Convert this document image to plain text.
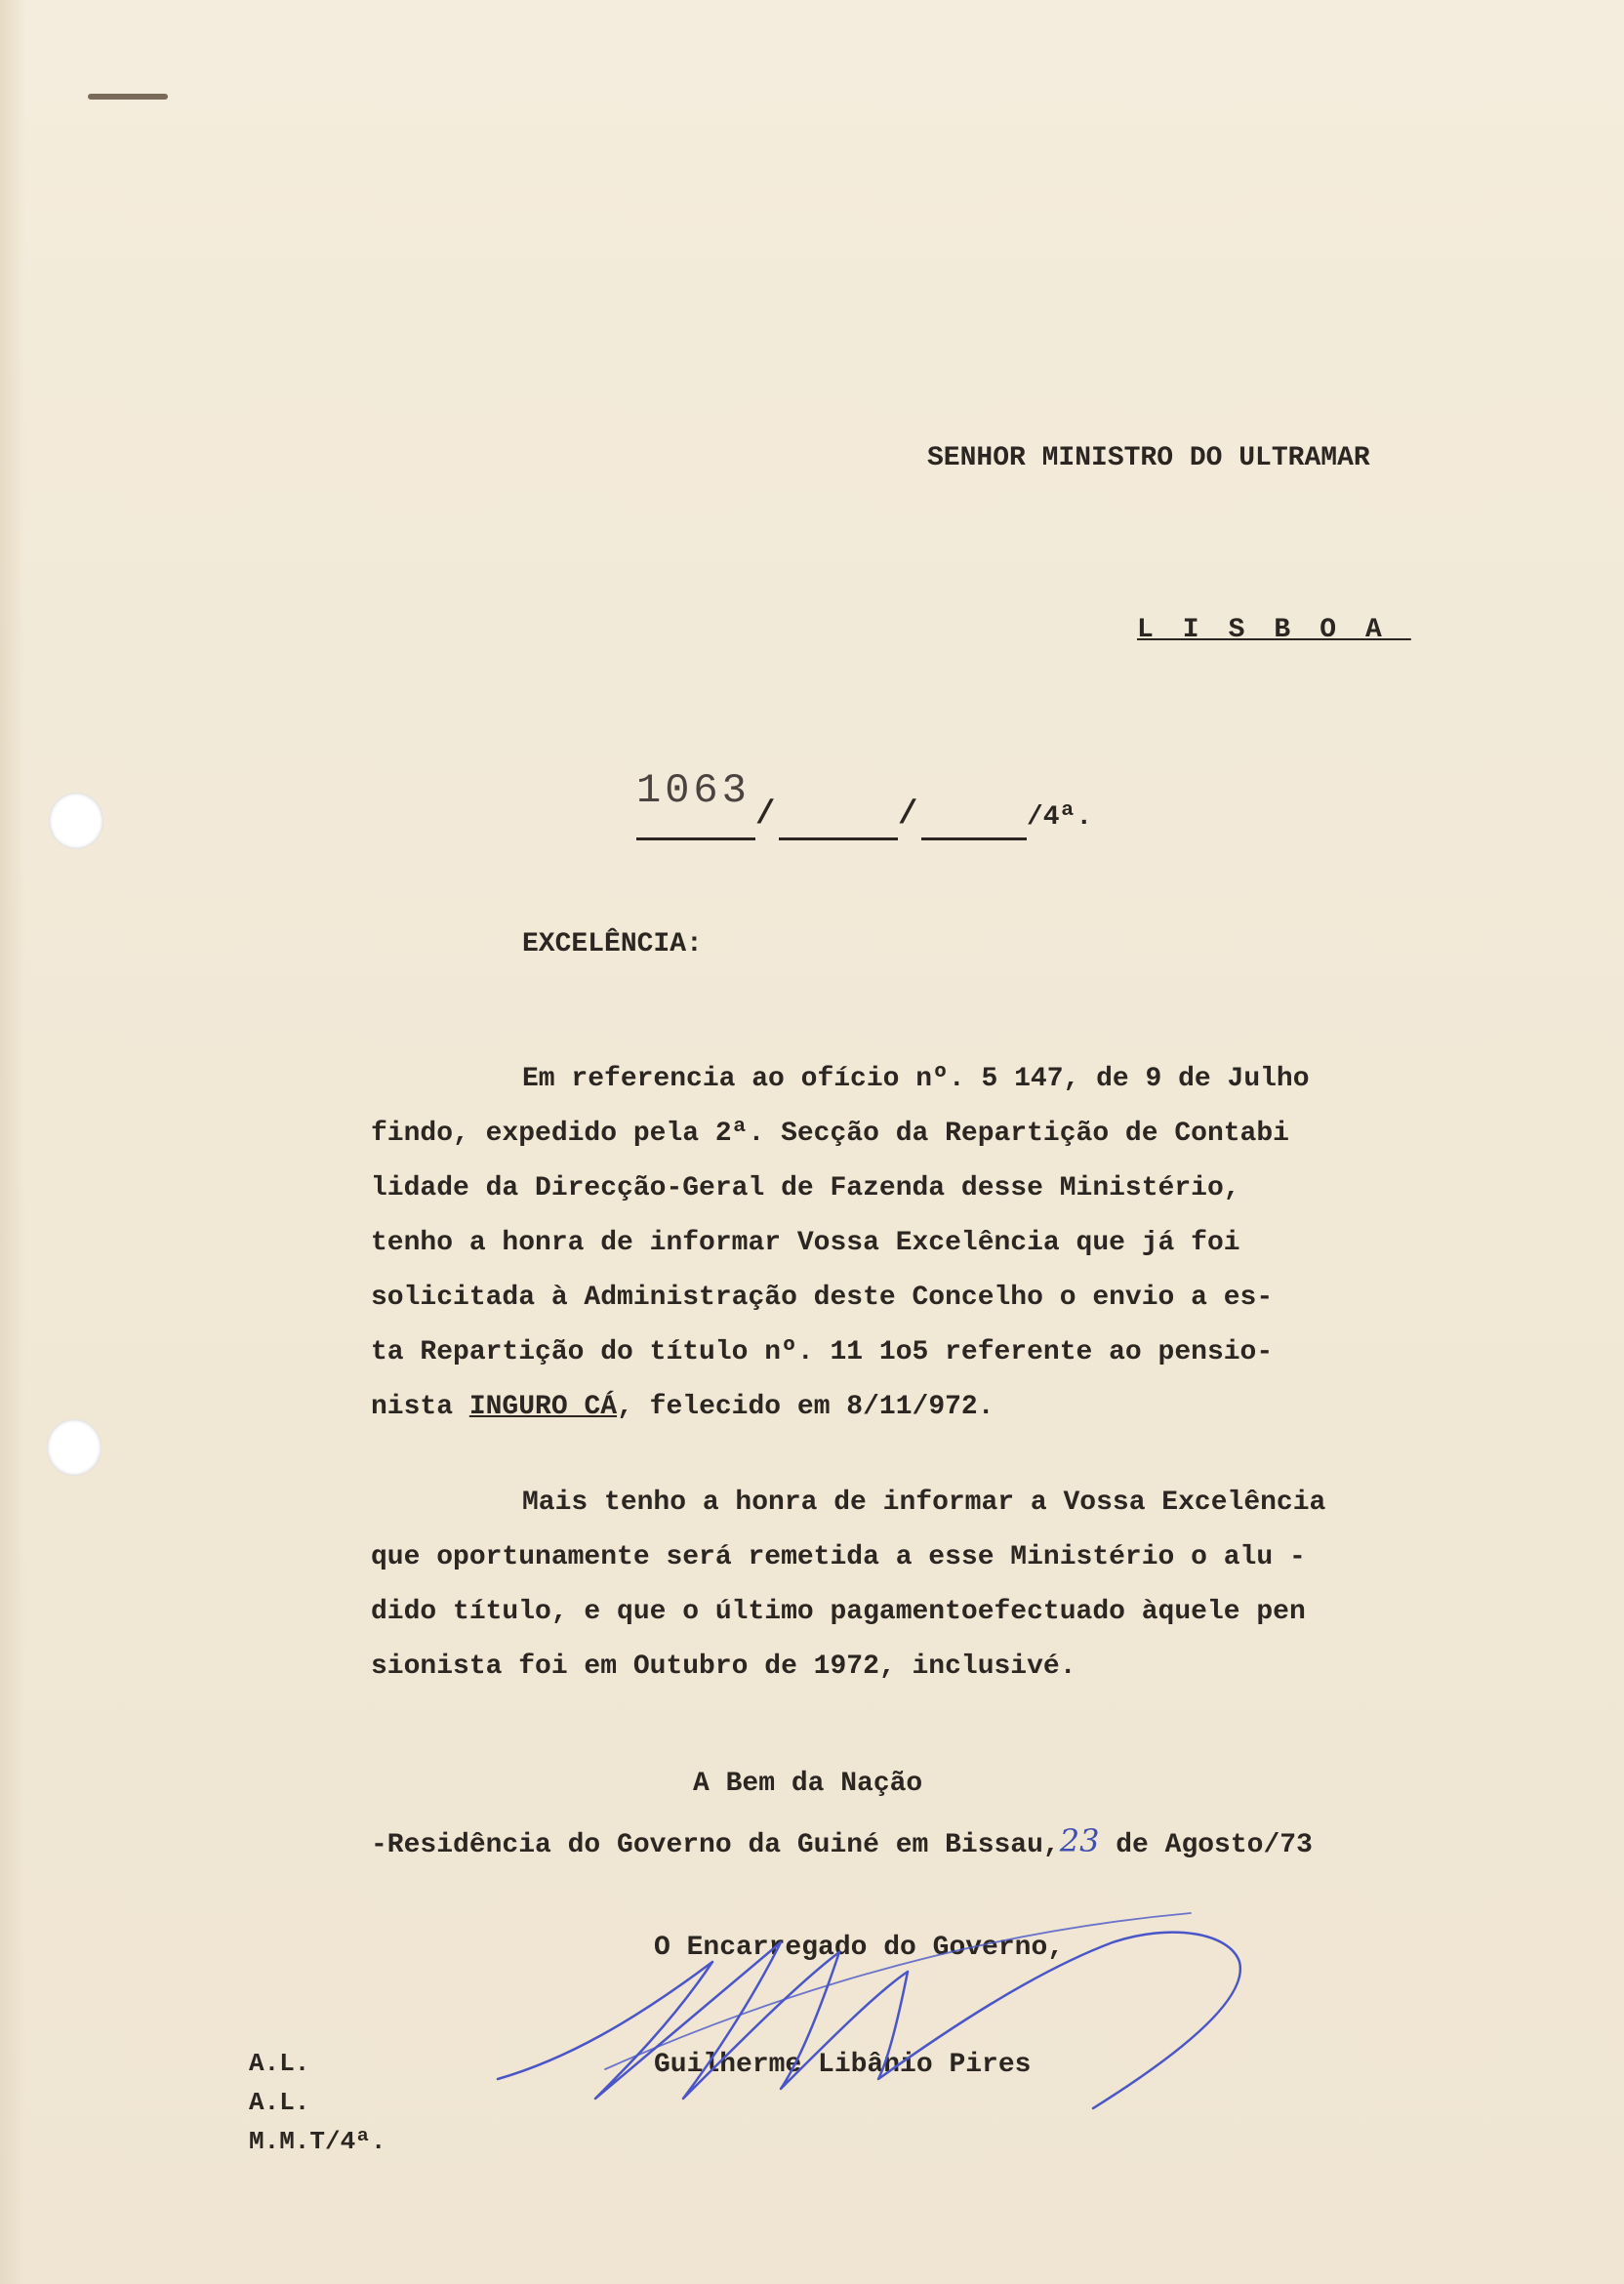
SENHOR MINISTRO DO ULTRAMAR
LISBOA
1063
/	/	/4ª.
EXCELÊNCIA:
Em referencia ao ofício nº. 5 147, de 9 de Julho
findo, expedido pela 2ª. Secção da Repartição de Contabi
lidade da Direcção-Geral de Fazenda desse Ministério,
tenho a honra de informar Vossa Excelência que já foi
solicitada à Administração deste Concelho o envio a es-
ta Repartição do título nº. 11 1o5 referente ao pensio-
nista INGURO CÁ, felecido em 8/11/972.
Mais tenho a honra de informar a Vossa Excelência
que oportunamente será remetida a esse Ministério o alu -
dido título, e que o último pagamentoefectuado àquele pen
sionista foi em Outubro de 1972, inclusivé.
A Bem da Nação
-Residência do Governo da Guiné em Bissau,23 de Agosto/73
O Encarregado do Governo,
Guilherme Libânio Pires
A.L.
A.L.
M.M.T/4ª.
